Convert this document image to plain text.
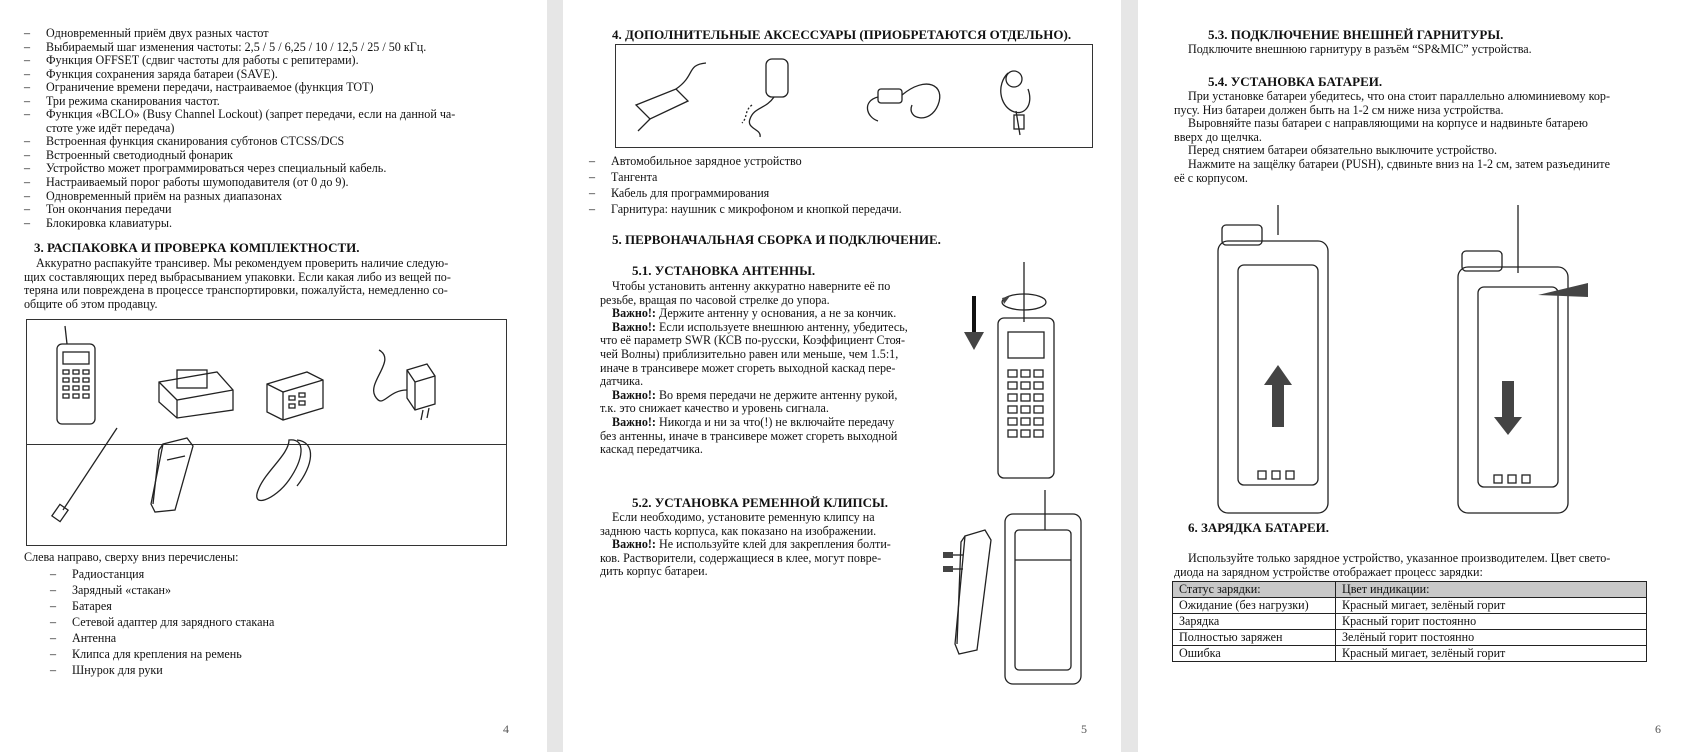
– Одновременный приём двух разных частот
– Выбираемый шаг изменения частоты: 2,5 / 5 / 6,25 / 10 / 12,5 / 25 / 50 кГц.
– Функция OFFSET (сдвиг частоты для работы с репитерами).
– Функция сохранения заряда батареи (SAVE).
– Ограничение времени передачи, настраиваемое (функция TOT)
– Три режима сканирования частот.
– Функция «BCLO» (Busy Channel Lockout) (запрет передачи, если на данной ча-
стоте уже идёт передача)
– Встроенная функция сканирования субтонов CTCSS/DCS
– Встроенный светодиодный фонарик
– Устройство может программироваться через специальный кабель.
– Настраиваемый порог работы шумоподавителя (от 0 до 9).
– Одновременный приём на разных диапазонах
– Тон окончания передачи
– Блокировка клавиатуры.
3. РАСПАКОВКА И ПРОВЕРКА КОМПЛЕКТНОСТИ.
Аккуратно распакуйте трансивер. Мы рекомендуем проверить наличие следую-
щих составляющих перед выбрасыванием упаковки. Если какая либо из вещей по-
теряна или повреждена в процессе транспортировки, пожалуйста, немедленно со-
общите об этом продавцу.
Слева направо, сверху вниз перечислены:
– Радиостанция
– Зарядный «стакан»
– Батарея
– Сетевой адаптер для зарядного стакана
– Антенна
– Клипса для крепления на ремень
– Шнурок для руки
4
4. ДОПОЛНИТЕЛЬНЫЕ АКСЕССУАРЫ (ПРИОБРЕТАЮТСЯ ОТДЕЛЬНО).
– Автомобильное зарядное устройство
– Тангента
– Кабель для программирования
– Гарнитура: наушник с микрофоном и кнопкой передачи.
5. ПЕРВОНАЧАЛЬНАЯ СБОРКА И ПОДКЛЮЧЕНИЕ.
5.1. УСТАНОВКА АНТЕННЫ.
Чтобы установить антенну аккуратно наверните её по
резьбе, вращая по часовой стрелке до упора.
Важно!: Держите антенну у основания, а не за кончик.
Важно!: Если используете внешнюю антенну, убедитесь,
что её параметр SWR (КСВ по-русски, Коэффициент Стоя-
чей Волны) приблизительно равен или меньше, чем 1.5:1,
иначе в трансивере может сгореть выходной каскад пере-
датчика.
Важно!: Во время передачи не держите антенну рукой,
т.к. это снижает качество и уровень сигнала.
Важно!: Никогда и ни за что(!) не включайте передачу
без антенны, иначе в трансивере может сгореть выходной
каскад передатчика.
5.2. УСТАНОВКА РЕМЕННОЙ КЛИПСЫ.
Если необходимо, установите ременную клипсу на
заднюю часть корпуса, как показано на изображении.
Важно!: Не используйте клей для закрепления болти-
ков. Растворители, содержащиеся в клее, могут повре-
дить корпус батареи.
5
5.3. ПОДКЛЮЧЕНИЕ ВНЕШНЕЙ ГАРНИТУРЫ.
Подключите внешнюю гарнитуру в разъём “SP&MIC” устройства.
5.4. УСТАНОВКА БАТАРЕИ.
При установке батареи убедитесь, что она стоит параллельно алюминиевому кор-
пусу. Низ батареи должен быть на 1-2 см ниже низа устройства.
Выровняйте пазы батареи с направляющими на корпусе и надвиньте батарею
вверх до щелчка.
Перед снятием батареи обязательно выключите устройство.
Нажмите на защёлку батареи (PUSH), сдвиньте вниз на 1-2 см, затем разъедините
её с корпусом.
6. ЗАРЯДКА БАТАРЕИ.
Используйте только зарядное устройство, указанное производителем. Цвет свето-
диода на зарядном устройстве отображает процесс зарядки:
Статус зарядки:	Цвет индикации:
Ожидание (без нагрузки)	Красный мигает, зелёный горит
Зарядка	Красный горит постоянно
Полностью заряжен	Зелёный горит постоянно
Ошибка	Красный мигает, зелёный горит
6
